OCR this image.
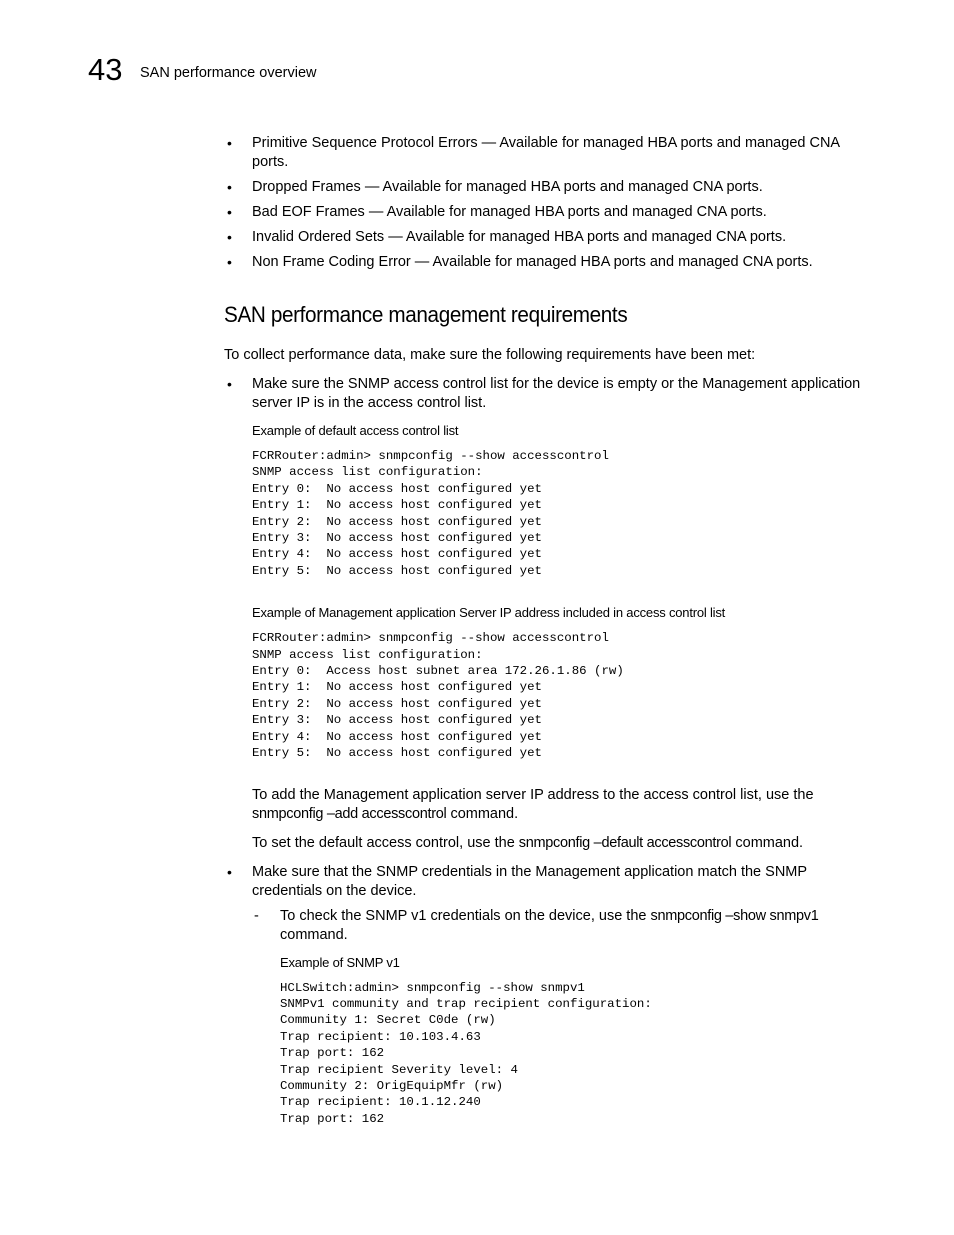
43 SAN performance overview
• Primitive Sequence Protocol Errors — Available for managed HBA ports and managed CNA ports.
• Dropped Frames — Available for managed HBA ports and managed CNA ports.
• Bad EOF Frames — Available for managed HBA ports and managed CNA ports.
• Invalid Ordered Sets — Available for managed HBA ports and managed CNA ports.
• Non Frame Coding Error — Available for managed HBA ports and managed CNA ports.
SAN performance management requirements

To collect performance data, make sure the following requirements have been met:

• Make sure the SNMP access control list for the device is empty or the Management application server IP is in the access control list.

Example of default access control list
FCRRouter:admin> snmpconfig --show accesscontrol
SNMP access list configuration:
Entry 0:  No access host configured yet
Entry 1:  No access host configured yet
Entry 2:  No access host configured yet
Entry 3:  No access host configured yet
Entry 4:  No access host configured yet
Entry 5:  No access host configured yet
Example of Management application Server IP address included in access control list
FCRRouter:admin> snmpconfig --show accesscontrol
SNMP access list configuration:
Entry 0:  Access host subnet area 172.26.1.86 (rw)
Entry 1:  No access host configured yet
Entry 2:  No access host configured yet
Entry 3:  No access host configured yet
Entry 4:  No access host configured yet
Entry 5:  No access host configured yet

To add the Management application server IP address to the access control list, use the snmpconfig –add accesscontrol command.

To set the default access control, use the snmpconfig –default accesscontrol command.

• Make sure that the SNMP credentials in the Management application match the SNMP credentials on the device.

- To check the SNMP v1 credentials on the device, use the snmpconfig –show snmpv1 command.

Example of SNMP v1
HCLSwitch:admin> snmpconfig --show snmpv1
SNMPv1 community and trap recipient configuration:
Community 1: Secret C0de (rw)
Trap recipient: 10.103.4.63
Trap port: 162
Trap recipient Severity level: 4
Community 2: OrigEquipMfr (rw)
Trap recipient: 10.1.12.240
Trap port: 162
